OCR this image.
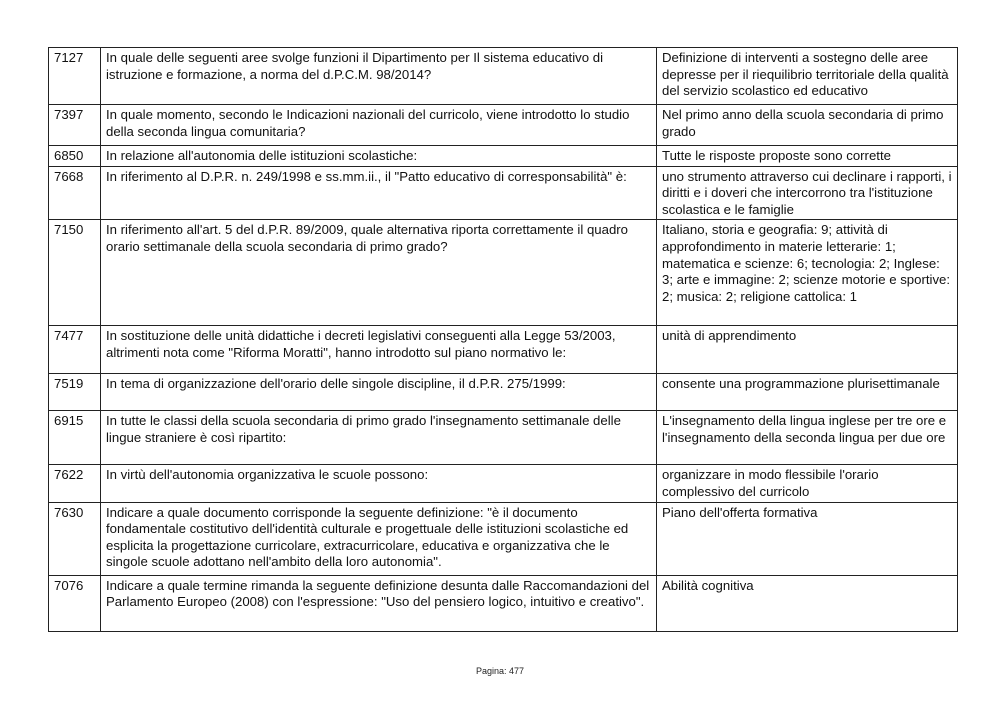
7127	In quale delle seguenti aree svolge funzioni il Dipartimento per Il sistema educativo di istruzione e formazione, a norma del d.P.C.M. 98/2014?	Definizione di interventi a sostegno delle aree depresse per il riequilibrio territoriale della qualità del servizio scolastico ed educativo
7397	In quale momento, secondo le Indicazioni nazionali del curricolo, viene introdotto lo studio della seconda lingua comunitaria?	Nel primo anno della scuola secondaria di primo grado
6850	In relazione all'autonomia delle istituzioni scolastiche:	Tutte le risposte proposte sono corrette
7668	In riferimento al D.P.R. n. 249/1998 e ss.mm.ii., il "Patto educativo di corresponsabilità" è:	uno strumento attraverso cui declinare i rapporti, i diritti e i doveri che intercorrono tra l'istituzione scolastica e le famiglie
7150	In riferimento all'art. 5 del d.P.R. 89/2009, quale alternativa riporta correttamente il quadro orario settimanale della scuola secondaria di primo grado?	Italiano, storia e geografia: 9; attività di approfondimento in materie letterarie: 1; matematica e scienze: 6; tecnologia: 2; Inglese: 3; arte e immagine: 2; scienze motorie e sportive: 2; musica: 2; religione cattolica: 1
7477	In sostituzione delle unità didattiche i decreti legislativi conseguenti alla Legge 53/2003, altrimenti nota come "Riforma Moratti", hanno introdotto sul piano normativo le:	unità di apprendimento
7519	In tema di organizzazione dell'orario delle singole discipline, il d.P.R. 275/1999:	consente una programmazione plurisettimanale
6915	In tutte le classi della scuola secondaria di primo grado l'insegnamento settimanale delle lingue straniere è così ripartito:	L'insegnamento della lingua inglese per tre ore e l'insegnamento della seconda lingua per due ore
7622	In virtù dell'autonomia organizzativa le scuole possono:	organizzare in modo flessibile l'orario complessivo del curricolo
7630	Indicare a quale documento corrisponde la seguente definizione: "è il documento fondamentale costitutivo dell'identità culturale e progettuale delle istituzioni scolastiche ed esplicita la progettazione curricolare, extracurricolare, educativa e organizzativa che le singole scuole adottano nell'ambito della loro autonomia".	Piano dell'offerta formativa
7076	Indicare a quale termine rimanda la seguente definizione desunta dalle Raccomandazioni del Parlamento Europeo (2008) con l'espressione: "Uso del pensiero logico, intuitivo e creativo".	Abilità cognitiva
Pagina: 477
